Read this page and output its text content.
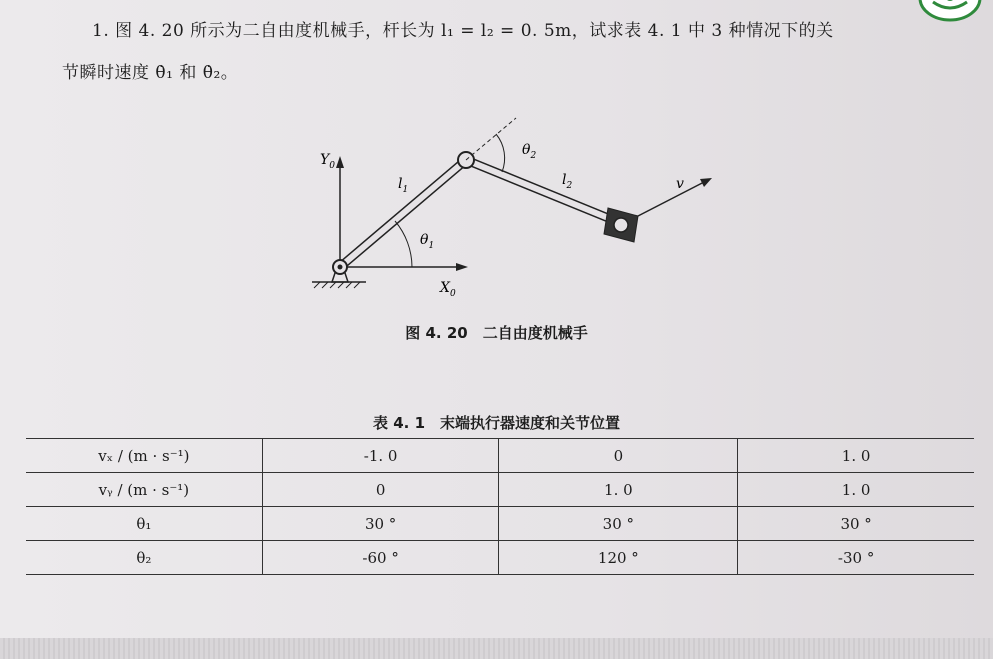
1. 图 4. 20 所示为二自由度机械手，杆长为 l₁ = l₂ = 0. 5m，试求表 4. 1 中 3 种情况下的关
节瞬时速度 θ̇₁ 和 θ̇₂。
$Y_0$
$X_0$
$l_1$
$l_2$
$\theta_1$
$\theta_2$
v
图 4. 20　二自由度机械手
表 4. 1　末端执行器速度和关节位置
vₓ / (m · s⁻¹)	-1. 0	0	1. 0
vᵧ / (m · s⁻¹)	0	1. 0	1. 0
θ₁	30 °	30 °	30 °
θ₂	-60 °	120 °	-30 °
